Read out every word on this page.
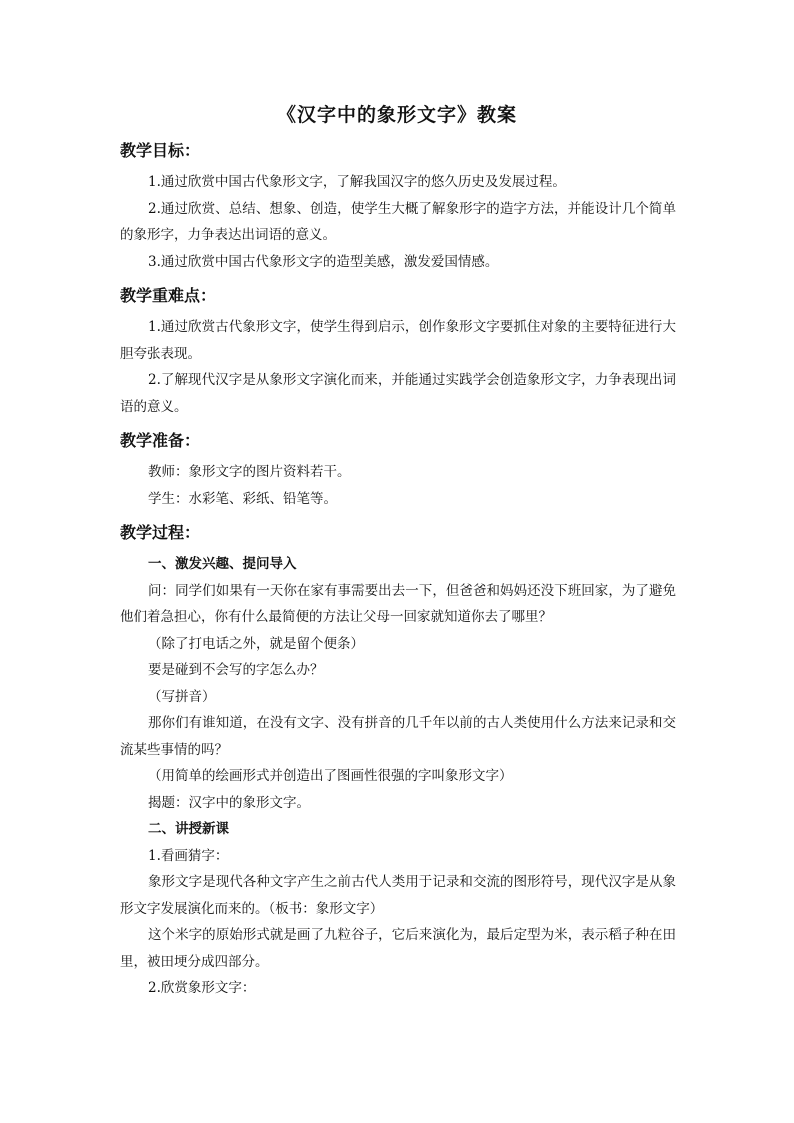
《汉字中的象形文字》教案

教学目标：

1.通过欣赏中国古代象形文字，了解我国汉字的悠久历史及发展过程。

2.通过欣赏、总结、想象、创造，使学生大概了解象形字的造字方法，并能设计几个简单的象形字，力争表达出词语的意义。

3.通过欣赏中国古代象形文字的造型美感，激发爱国情感。

教学重难点：

1.通过欣赏古代象形文字，使学生得到启示，创作象形文字要抓住对象的主要特征进行大胆夸张表现。

2.了解现代汉字是从象形文字演化而来，并能通过实践学会创造象形文字，力争表现出词语的意义。

教学准备：

教师：象形文字的图片资料若干。

学生：水彩笔、彩纸、铅笔等。

教学过程：

一、激发兴趣、提问导入

问：同学们如果有一天你在家有事需要出去一下，但爸爸和妈妈还没下班回家，为了避免他们着急担心，你有什么最简便的方法让父母一回家就知道你去了哪里？

（除了打电话之外，就是留个便条）

要是碰到不会写的字怎么办？

（写拼音）

那你们有谁知道，在没有文字、没有拼音的几千年以前的古人类使用什么方法来记录和交流某些事情的吗？

（用简单的绘画形式并创造出了图画性很强的字叫象形文字）

揭题：汉字中的象形文字。

二、讲授新课

1.看画猜字：

象形文字是现代各种文字产生之前古代人类用于记录和交流的图形符号，现代汉字是从象形文字发展演化而来的。（板书：象形文字）

这个米字的原始形式就是画了九粒谷子，它后来演化为，最后定型为米，表示稻子种在田里，被田埂分成四部分。

2.欣赏象形文字：
